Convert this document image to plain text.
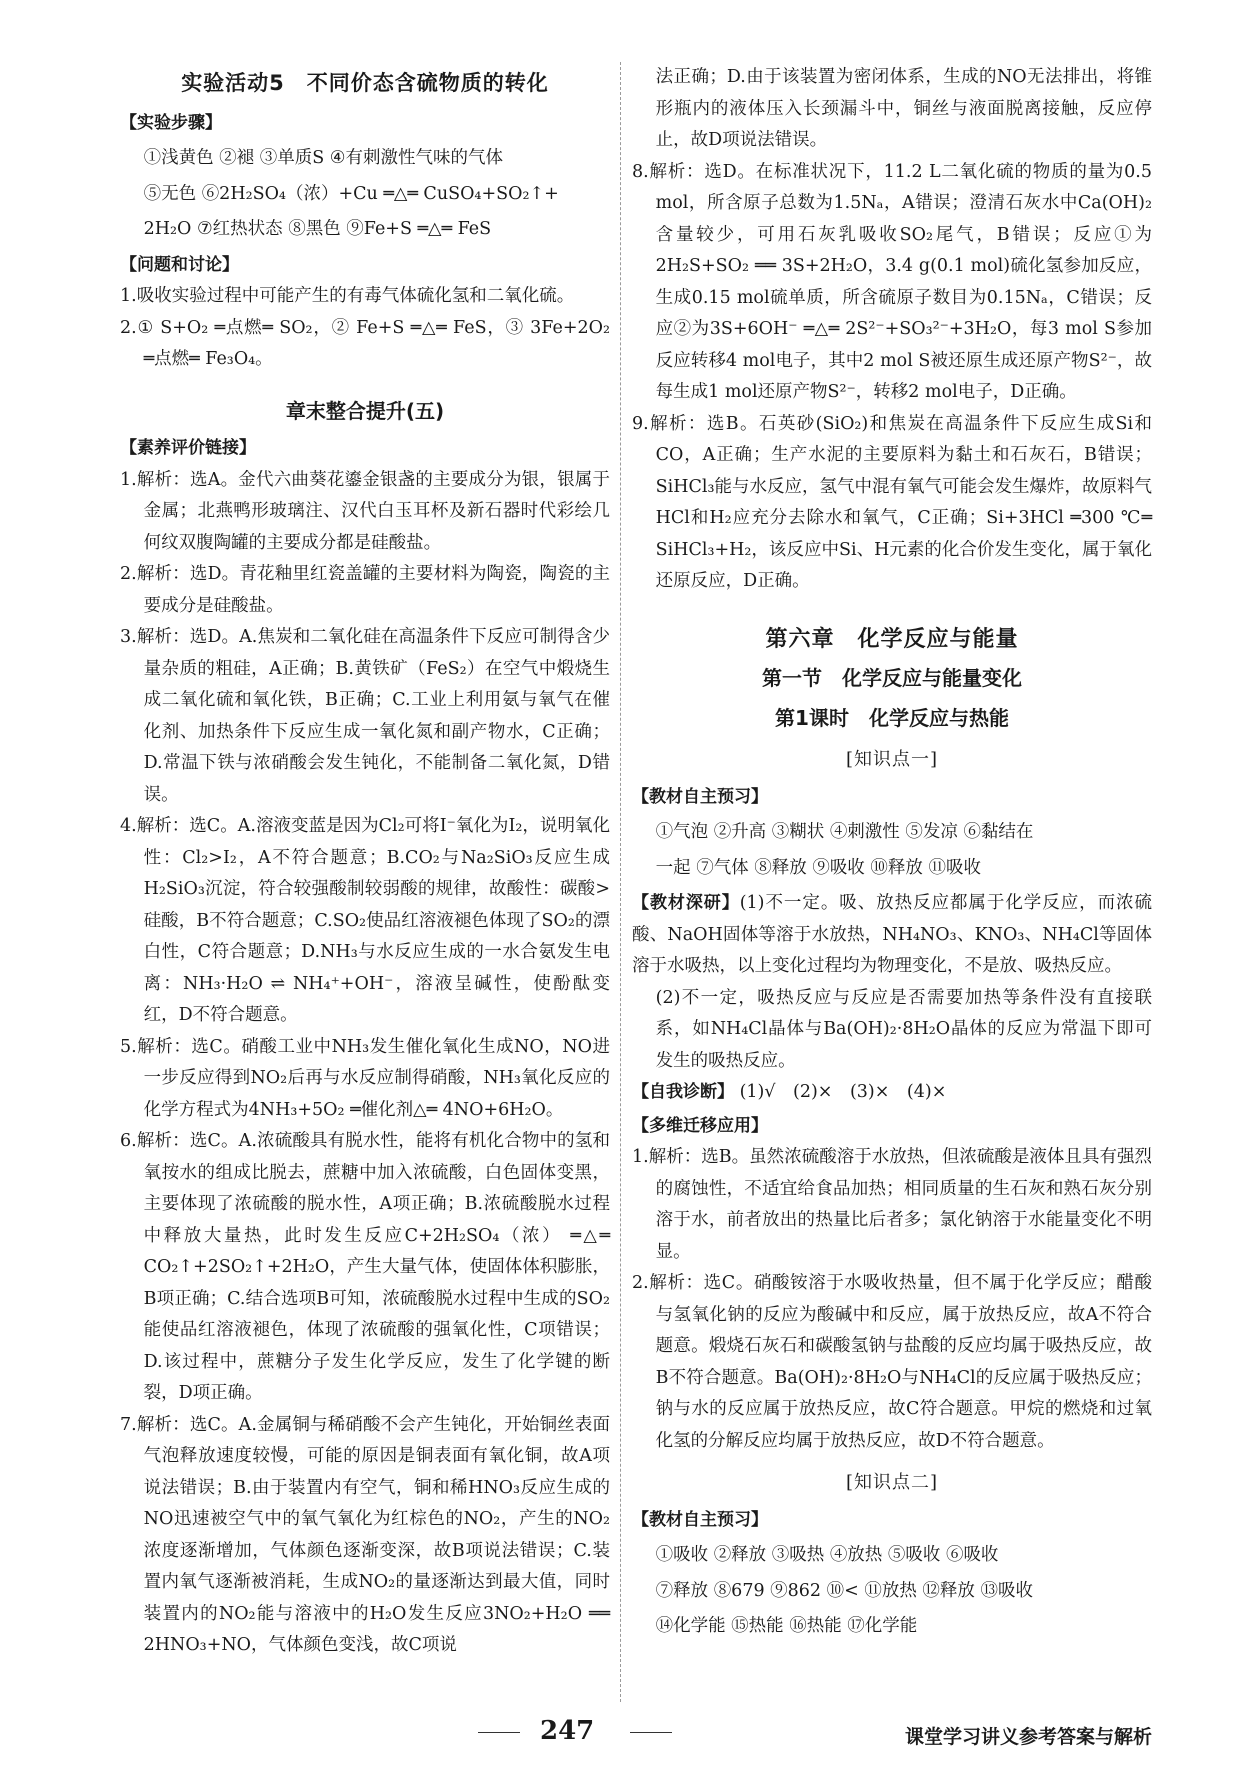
实验活动5　不同价态含硫物质的转化
【实验步骤】

①浅黄色 ②褪 ③单质S ④有刺激性气味的气体

⑤无色 ⑥2H₂SO₄（浓）+Cu ═△═ CuSO₄+SO₂↑+

2H₂O ⑦红热状态 ⑧黑色 ⑨Fe+S ═△═ FeS

【问题和讨论】

1.吸收实验过程中可能产生的有毒气体硫化氢和二氧化硫。

2.① S+O₂ ═点燃═ SO₂，② Fe+S ═△═ FeS，③ 3Fe+2O₂ ═点燃═ Fe₃O₄。

章末整合提升(五)
【素养评价链接】

1.解析：选A。金代六曲葵花鎏金银盏的主要成分为银，银属于金属；北燕鸭形玻璃注、汉代白玉耳杯及新石器时代彩绘几何纹双腹陶罐的主要成分都是硅酸盐。

2.解析：选D。青花釉里红瓷盖罐的主要材料为陶瓷，陶瓷的主要成分是硅酸盐。

3.解析：选D。A.焦炭和二氧化硅在高温条件下反应可制得含少量杂质的粗硅，A正确；B.黄铁矿（FeS₂）在空气中煅烧生成二氧化硫和氧化铁，B正确；C.工业上利用氨与氧气在催化剂、加热条件下反应生成一氧化氮和副产物水，C正确；D.常温下铁与浓硝酸会发生钝化，不能制备二氧化氮，D错误。

4.解析：选C。A.溶液变蓝是因为Cl₂可将I⁻氧化为I₂，说明氧化性：Cl₂>I₂，A不符合题意；B.CO₂与Na₂SiO₃反应生成H₂SiO₃沉淀，符合较强酸制较弱酸的规律，故酸性：碳酸>硅酸，B不符合题意；C.SO₂使品红溶液褪色体现了SO₂的漂白性，C符合题意；D.NH₃与水反应生成的一水合氨发生电离：NH₃·H₂O ⇌ NH₄⁺+OH⁻，溶液呈碱性，使酚酞变红，D不符合题意。

5.解析：选C。硝酸工业中NH₃发生催化氧化生成NO，NO进一步反应得到NO₂后再与水反应制得硝酸，NH₃氧化反应的化学方程式为4NH₃+5O₂ ═催化剂△═ 4NO+6H₂O。

6.解析：选C。A.浓硫酸具有脱水性，能将有机化合物中的氢和氧按水的组成比脱去，蔗糖中加入浓硫酸，白色固体变黑，主要体现了浓硫酸的脱水性，A项正确；B.浓硫酸脱水过程中释放大量热，此时发生反应C+2H₂SO₄（浓） ═△═ CO₂↑+2SO₂↑+2H₂O，产生大量气体，使固体体积膨胀，B项正确；C.结合选项B可知，浓硫酸脱水过程中生成的SO₂能使品红溶液褪色，体现了浓硫酸的强氧化性，C项错误；D.该过程中，蔗糖分子发生化学反应，发生了化学键的断裂，D项正确。

7.解析：选C。A.金属铜与稀硝酸不会产生钝化，开始铜丝表面气泡释放速度较慢，可能的原因是铜表面有氧化铜，故A项说法错误；B.由于装置内有空气，铜和稀HNO₃反应生成的NO迅速被空气中的氧气氧化为红棕色的NO₂，产生的NO₂浓度逐渐增加，气体颜色逐渐变深，故B项说法错误；C.装置内氧气逐渐被消耗，生成NO₂的量逐渐达到最大值，同时装置内的NO₂能与溶液中的H₂O发生反应3NO₂+H₂O ══ 2HNO₃+NO，气体颜色变浅，故C项说

法正确；D.由于该装置为密闭体系，生成的NO无法排出，将锥形瓶内的液体压入长颈漏斗中，铜丝与液面脱离接触，反应停止，故D项说法错误。

8.解析：选D。在标准状况下，11.2 L二氧化硫的物质的量为0.5 mol，所含原子总数为1.5Nₐ，A错误；澄清石灰水中Ca(OH)₂含量较少，可用石灰乳吸收SO₂尾气，B错误；反应①为2H₂S+SO₂ ══ 3S+2H₂O，3.4 g(0.1 mol)硫化氢参加反应，生成0.15 mol硫单质，所含硫原子数目为0.15Nₐ，C错误；反应②为3S+6OH⁻ ═△═ 2S²⁻+SO₃²⁻+3H₂O，每3 mol S参加反应转移4 mol电子，其中2 mol S被还原生成还原产物S²⁻，故每生成1 mol还原产物S²⁻，转移2 mol电子，D正确。

9.解析：选B。石英砂(SiO₂)和焦炭在高温条件下反应生成Si和CO，A正确；生产水泥的主要原料为黏土和石灰石，B错误；SiHCl₃能与水反应，氢气中混有氧气可能会发生爆炸，故原料气HCl和H₂应充分去除水和氧气，C正确；Si+3HCl ═300 ℃═ SiHCl₃+H₂，该反应中Si、H元素的化合价发生变化，属于氧化还原反应，D正确。

第六章　化学反应与能量
第一节　化学反应与能量变化
第1课时　化学反应与热能
[知识点一]
【教材自主预习】

①气泡 ②升高 ③糊状 ④刺激性 ⑤发凉 ⑥黏结在

一起 ⑦气体 ⑧释放 ⑨吸收 ⑩释放 ⑪吸收

【教材深研】(1)不一定。吸、放热反应都属于化学反应，而浓硫酸、NaOH固体等溶于水放热，NH₄NO₃、KNO₃、NH₄Cl等固体溶于水吸热，以上变化过程均为物理变化，不是放、吸热反应。

(2)不一定，吸热反应与反应是否需要加热等条件没有直接联系，如NH₄Cl晶体与Ba(OH)₂·8H₂O晶体的反应为常温下即可发生的吸热反应。

【自我诊断】 (1)√　(2)×　(3)×　(4)×

【多维迁移应用】

1.解析：选B。虽然浓硫酸溶于水放热，但浓硫酸是液体且具有强烈的腐蚀性，不适宜给食品加热；相同质量的生石灰和熟石灰分别溶于水，前者放出的热量比后者多；氯化钠溶于水能量变化不明显。

2.解析：选C。硝酸铵溶于水吸收热量，但不属于化学反应；醋酸与氢氧化钠的反应为酸碱中和反应，属于放热反应，故A不符合题意。煅烧石灰石和碳酸氢钠与盐酸的反应均属于吸热反应，故B不符合题意。Ba(OH)₂·8H₂O与NH₄Cl的反应属于吸热反应；钠与水的反应属于放热反应，故C符合题意。甲烷的燃烧和过氧化氢的分解反应均属于放热反应，故D不符合题意。

[知识点二]
【教材自主预习】

①吸收 ②释放 ③吸热 ④放热 ⑤吸收 ⑥吸收

⑦释放 ⑧679 ⑨862 ⑩< ⑪放热 ⑫释放 ⑬吸收

⑭化学能 ⑮热能 ⑯热能 ⑰化学能

247	课堂学习讲义参考答案与解析
